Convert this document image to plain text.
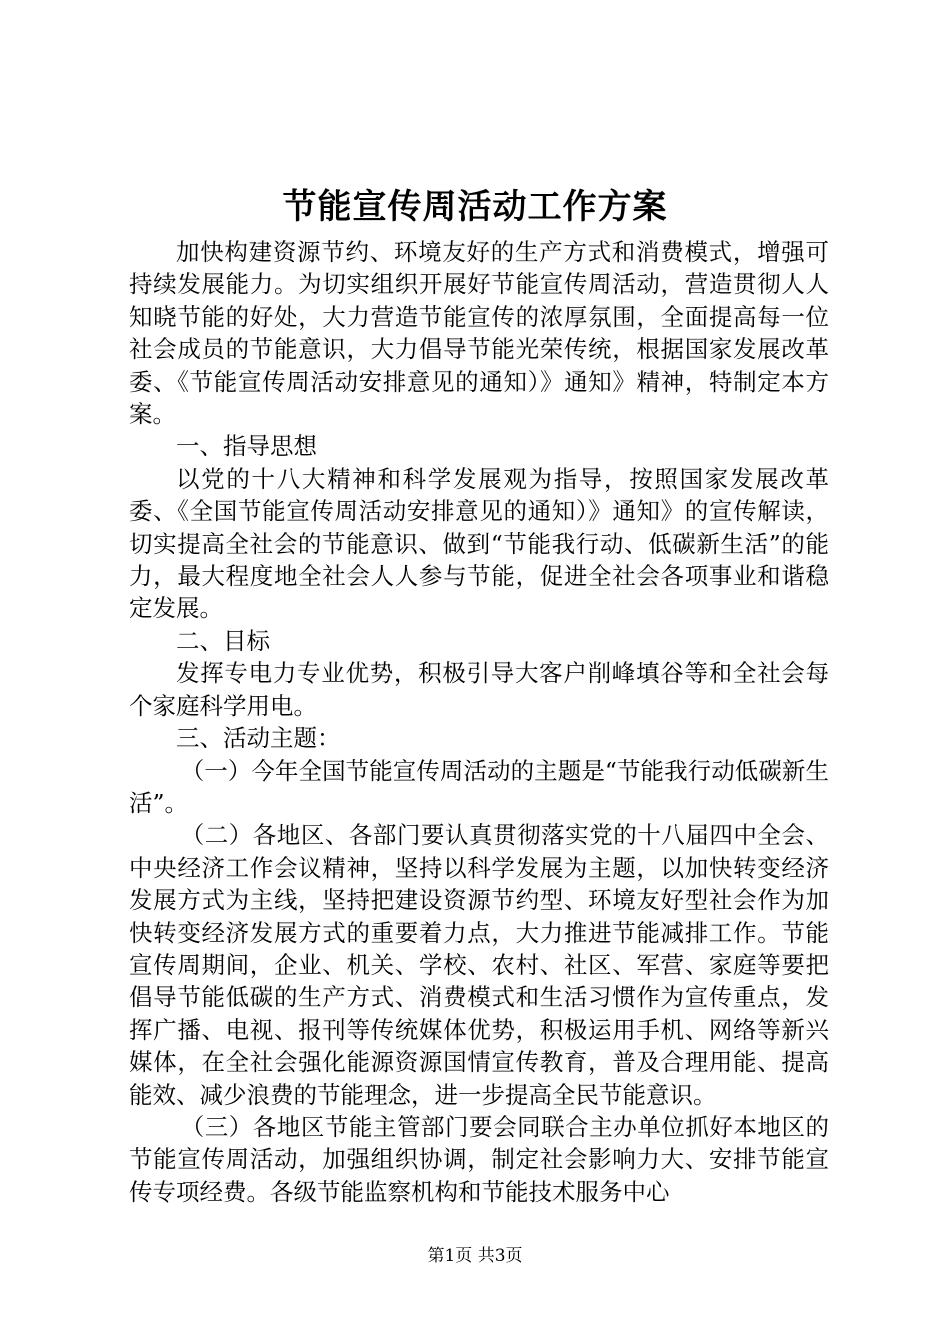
节能宣传周活动工作方案

加快构建资源节约、环境友好的生产方式和消费模式，增强可持续发展能力。为切实组织开展好节能宣传周活动，营造贯彻人人知晓节能的好处，大力营造节能宣传的浓厚氛围，全面提高每一位社会成员的节能意识，大力倡导节能光荣传统，根据国家发展改革委、《节能宣传周活动安排意见的通知）》通知》精神，特制定本方案。

一、指导思想

以党的十八大精神和科学发展观为指导，按照国家发展改革委、《全国节能宣传周活动安排意见的通知）》通知》的宣传解读，切实提高全社会的节能意识、做到“节能我行动、低碳新生活”的能力，最大程度地全社会人人参与节能，促进全社会各项事业和谐稳定发展。

二、目标

发挥专电力专业优势，积极引导大客户削峰填谷等和全社会每个家庭科学用电。

三、活动主题：

（一）今年全国节能宣传周活动的主题是“节能我行动低碳新生活”。

（二）各地区、各部门要认真贯彻落实党的十八届四中全会、中央经济工作会议精神，坚持以科学发展为主题，以加快转变经济发展方式为主线，坚持把建设资源节约型、环境友好型社会作为加快转变经济发展方式的重要着力点，大力推进节能减排工作。节能宣传周期间，企业、机关、学校、农村、社区、军营、家庭等要把倡导节能低碳的生产方式、消费模式和生活习惯作为宣传重点，发挥广播、电视、报刊等传统媒体优势，积极运用手机、网络等新兴媒体，在全社会强化能源资源国情宣传教育，普及合理用能、提高能效、减少浪费的节能理念，进一步提高全民节能意识。

（三）各地区节能主管部门要会同联合主办单位抓好本地区的节能宣传周活动，加强组织协调，制定社会影响力大、安排节能宣传专项经费。各级节能监察机构和节能技术服务中心

第1页 共3页
